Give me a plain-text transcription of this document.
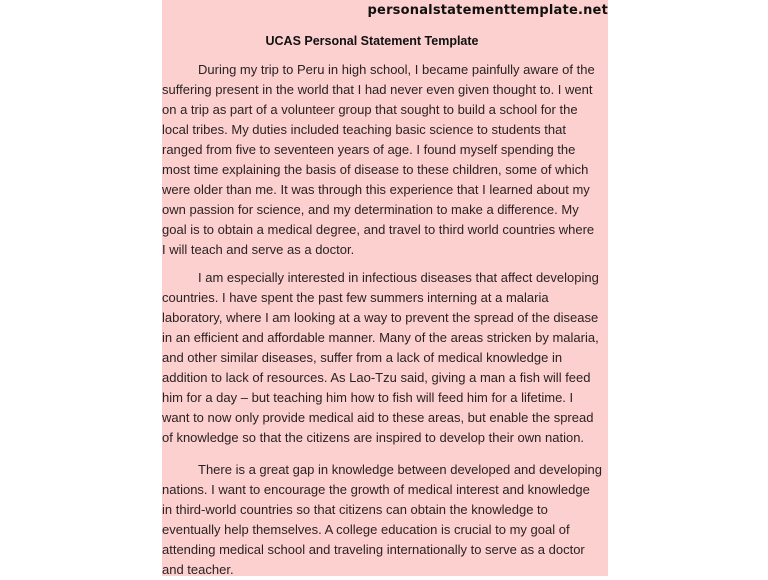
personalstatementtemplate.net
UCAS Personal Statement Template
During my trip to Peru in high school, I became painfully aware of the
suffering present in the world that I had never even given thought to. I went
on a trip as part of a volunteer group that sought to build a school for the
local tribes. My duties included teaching basic science to students that
ranged from five to seventeen years of age. I found myself spending the
most time explaining the basis of disease to these children, some of which
were older than me. It was through this experience that I learned about my
own passion for science, and my determination to make a difference. My
goal is to obtain a medical degree, and travel to third world countries where
I will teach and serve as a doctor.
I am especially interested in infectious diseases that affect developing
countries. I have spent the past few summers interning at a malaria
laboratory, where I am looking at a way to prevent the spread of the disease
in an efficient and affordable manner. Many of the areas stricken by malaria,
and other similar diseases, suffer from a lack of medical knowledge in
addition to lack of resources. As Lao-Tzu said, giving a man a fish will feed
him for a day – but teaching him how to fish will feed him for a lifetime. I
want to now only provide medical aid to these areas, but enable the spread
of knowledge so that the citizens are inspired to develop their own nation.
There is a great gap in knowledge between developed and developing
nations. I want to encourage the growth of medical interest and knowledge
in third-world countries so that citizens can obtain the knowledge to
eventually help themselves. A college education is crucial to my goal of
attending medical school and traveling internationally to serve as a doctor
and teacher.
